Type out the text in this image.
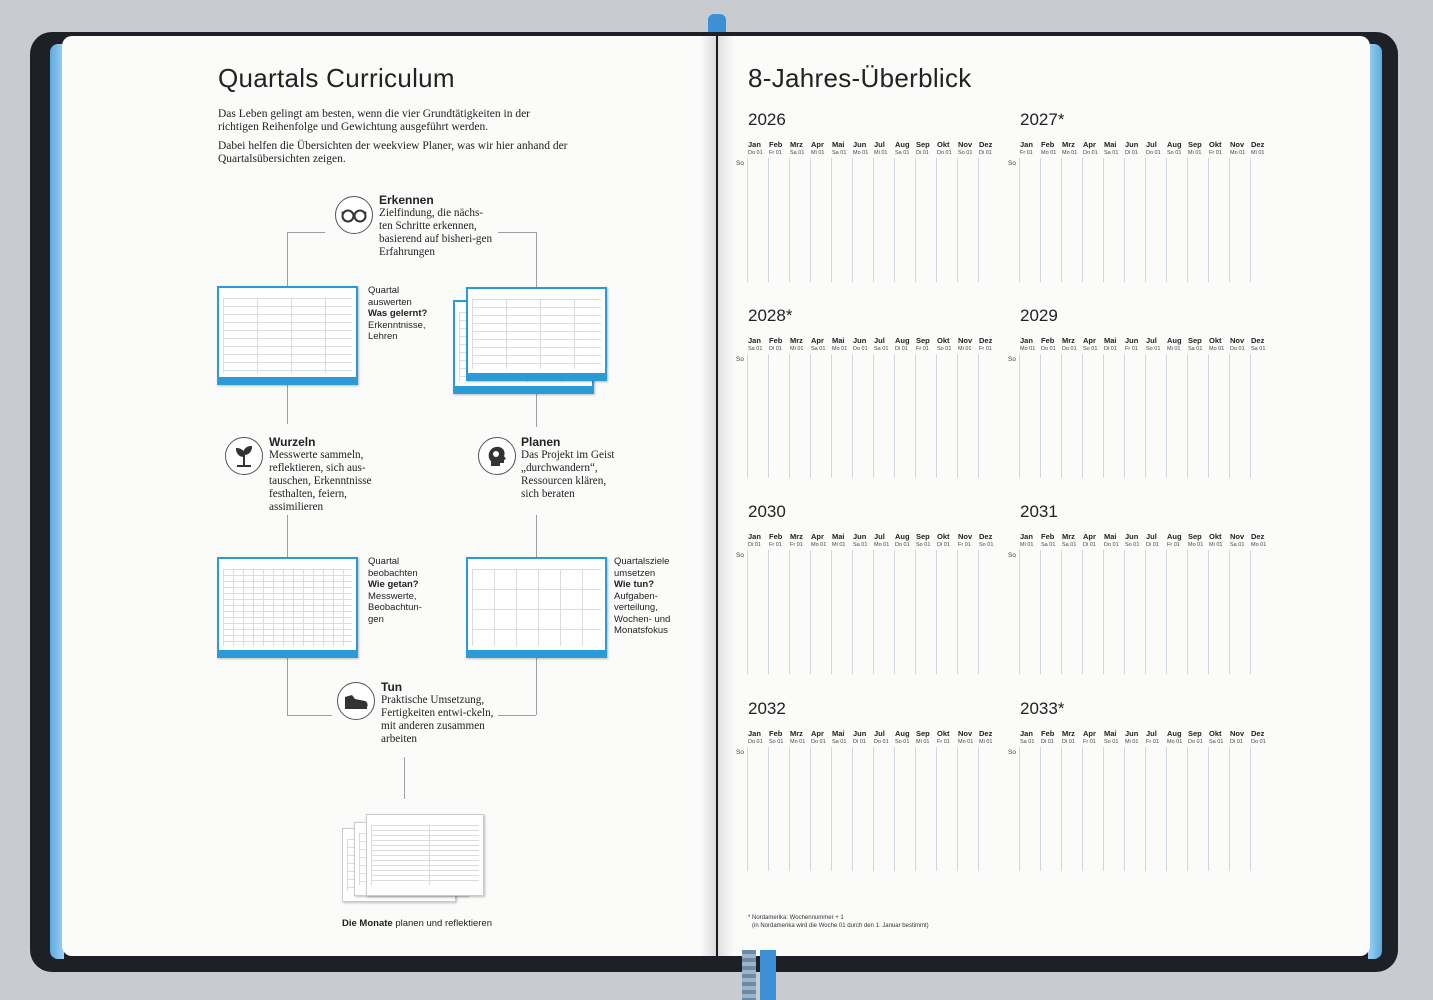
Quartals Curriculum

Das Leben gelingt am besten, wenn die vier Grundtätigkeiten in der richtigen Reihenfolge und Gewichtung ausgeführt werden.

Dabei helfen die Übersichten der weekview Planer, was wir hier anhand der Quartalsübersichten zeigen.

Erkennen
Zielfindung, die nächs-ten Schritte erkennen, basierend auf bisheri-gen Erfahrungen
Planen
Das Projekt im Geist „durchwandern“, Ressourcen klären, sich beraten
Wurzeln
Messwerte sammeln, reflektieren, sich aus-tauschen, Erkenntnisse festhalten, feiern, assimilieren
Tun
Praktische Umsetzung, Fertigkeiten entwi-ckeln, mit anderen zusammen arbeiten
Quartal
auswerten
Was gelernt?
Erkenntnisse,
Lehren
Quartal
beobachten
Wie getan?
Messwerte,
Beobachtun-
gen
Quartalsziele
umsetzen
Wie tun?
Aufgaben-
verteilung,
Wochen- und
Monatsfokus
Die Monate planen und reflektieren
8-Jahres-Überblick
2026
So
Jan
Do 01
Feb
Fr 01
Mrz
Sa 01
Apr
Mi 01
Mai
Sa 01
Jun
Mo 01
Jul
Mi 01
Aug
Sa 01
Sep
Di 01
Okt
Do 01
Nov
So 01
Dez
Di 01
2027*
So
Jan
Fr 01
Feb
Mo 01
Mrz
Mo 01
Apr
Do 01
Mai
Sa 01
Jun
Di 01
Jul
Do 01
Aug
So 01
Sep
Mi 01
Okt
Fr 01
Nov
Mo 01
Dez
Mi 01
2028*
So
Jan
Sa 01
Feb
Di 01
Mrz
Mi 01
Apr
Sa 01
Mai
Mo 01
Jun
Do 01
Jul
Sa 01
Aug
Di 01
Sep
Fr 01
Okt
So 01
Nov
Mi 01
Dez
Fr 01
2029
So
Jan
Mo 01
Feb
Do 01
Mrz
Do 01
Apr
So 01
Mai
Di 01
Jun
Fr 01
Jul
So 01
Aug
Mi 01
Sep
Sa 01
Okt
Mo 01
Nov
Do 01
Dez
Sa 01
2030
So
Jan
Di 01
Feb
Fr 01
Mrz
Fr 01
Apr
Mo 01
Mai
Mi 01
Jun
Sa 01
Jul
Mo 01
Aug
Do 01
Sep
So 01
Okt
Di 01
Nov
Fr 01
Dez
So 01
2031
So
Jan
Mi 01
Feb
Sa 01
Mrz
Sa 01
Apr
Di 01
Mai
Do 01
Jun
So 01
Jul
Di 01
Aug
Fr 01
Sep
Mo 01
Okt
Mi 01
Nov
Sa 01
Dez
Mo 01
2032
So
Jan
Do 01
Feb
So 01
Mrz
Mo 01
Apr
Do 01
Mai
Sa 01
Jun
Di 01
Jul
Do 01
Aug
So 01
Sep
Mi 01
Okt
Fr 01
Nov
Mo 01
Dez
Mi 01
2033*
So
Jan
Sa 01
Feb
Di 01
Mrz
Di 01
Apr
Fr 01
Mai
So 01
Jun
Mi 01
Jul
Fr 01
Aug
Mo 01
Sep
Do 01
Okt
Sa 01
Nov
Di 01
Dez
Do 01
* Nordamerika: Wochennummer + 1
(in Nordamerika wird die Woche 01 durch den 1. Januar bestimmt)
